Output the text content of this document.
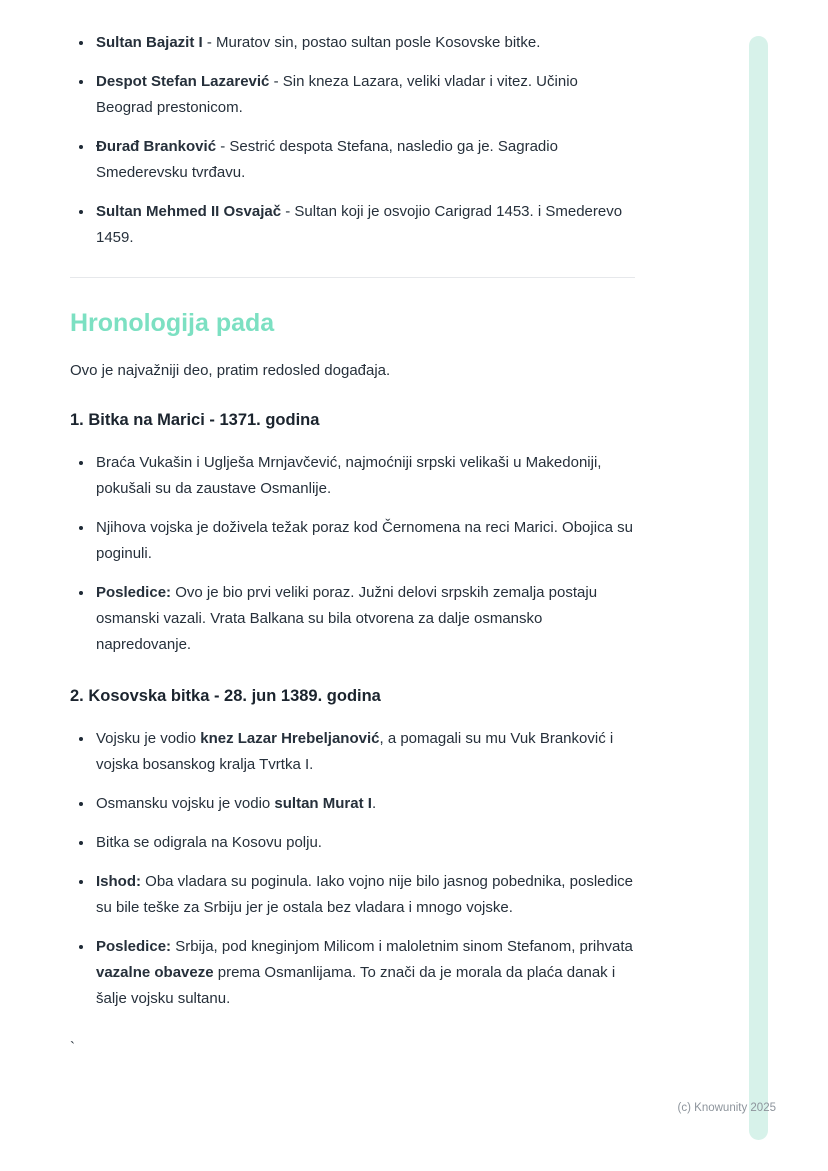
• Sultan Bajazit I - Muratov sin, postao sultan posle Kosovske bitke.
• Despot Stefan Lazarević - Sin kneza Lazara, veliki vladar i vitez. Učinio Beograd prestonicom.
• Đurađ Branković - Sestrić despota Stefana, nasledio ga je. Sagradio Smederevsku tvrđavu.
• Sultan Mehmed II Osvajač - Sultan koji je osvojio Carigrad 1453. i Smederevo 1459.
Hronologija pada

Ovo je najvažniji deo, pratim redosled događaja.

1. Bitka na Marici - 1371. godina
• Braća Vukašin i Uglješa Mrnjavčević, najmoćniji srpski velikaši u Makedoniji, pokušali su da zaustave Osmanlije.
• Njihova vojska je doživela težak poraz kod Černomena na reci Marici. Obojica su poginuli.
• Posledice: Ovo je bio prvi veliki poraz. Južni delovi srpskih zemalja postaju osmanski vazali. Vrata Balkana su bila otvorena za dalje osmansko napredovanje.
2. Kosovska bitka - 28. jun 1389. godina
• Vojsku je vodio knez Lazar Hrebeljanović, a pomagali su mu Vuk Branković i vojska bosanskog kralja Tvrtka I.
• Osmansku vojsku je vodio sultan Murat I.
• Bitka se odigrala na Kosovu polju.
• Ishod: Oba vladara su poginula. Iako vojno nije bilo jasnog pobednika, posledice su bile teške za Srbiju jer je ostala bez vladara i mnogo vojske.
• Posledice: Srbija, pod kneginjom Milicom i maloletnim sinom Stefanom, prihvata vazalne obaveze prema Osmanlijama. To znači da je morala da plaća danak i šalje vojsku sultanu.

`

(c) Knowunity 2025
